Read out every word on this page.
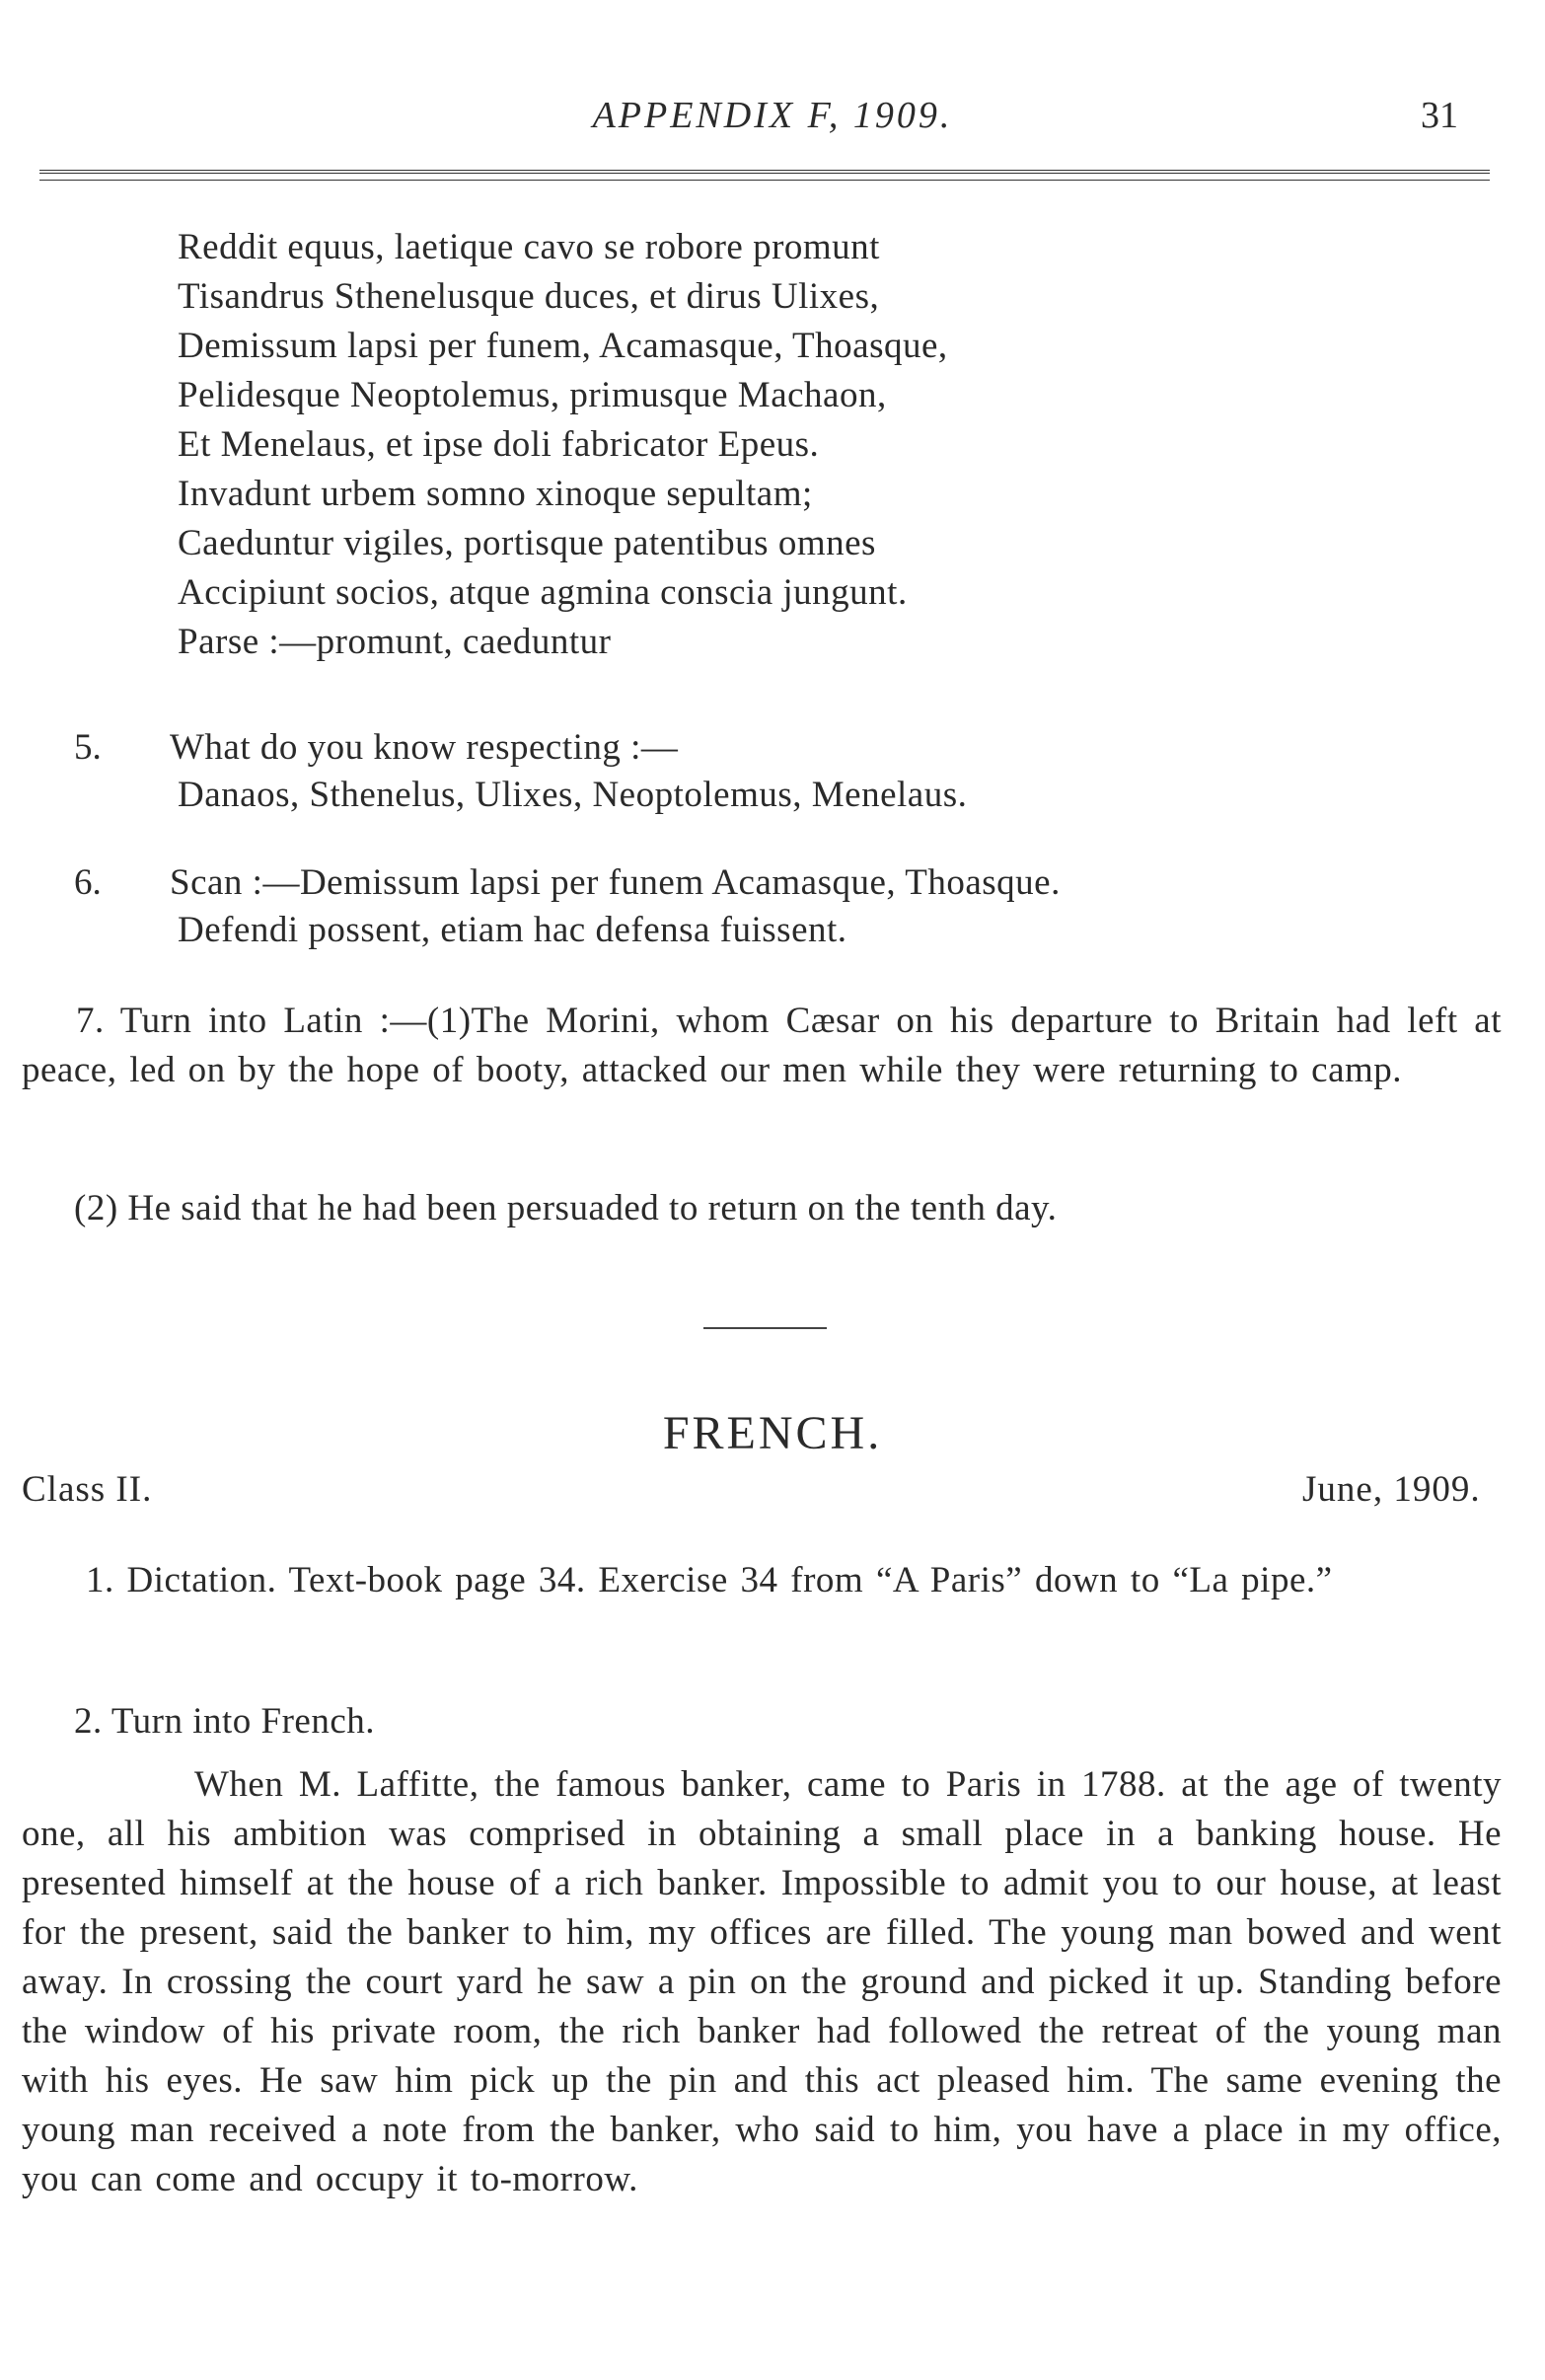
APPENDIX F, 1909.	31
Reddit equus, laetique cavo se robore promunt
Tisandrus Sthenelusque duces, et dirus Ulixes,
Demissum lapsi per funem, Acamasque, Thoasque,
Pelidesque Neoptolemus, primusque Machaon,
Et Menelaus, et ipse doli fabricator Epeus.
Invadunt urbem somno xinoque sepultam;
Caeduntur vigiles, portisque patentibus omnes
Accipiunt socios, atque agmina conscia jungunt.
Parse :—promunt, caeduntur
5. What do you know respecting :—
Danaos, Sthenelus, Ulixes, Neoptolemus, Menelaus.
6. Scan :—Demissum lapsi per funem Acamasque, Thoasque.
Defendi possent, etiam hac defensa fuissent.
7. Turn into Latin :—(1)The Morini, whom Cæsar on his departure to Britain had left at peace, led on by the hope of booty, attacked our men while they were returning to camp.
(2) He said that he had been persuaded to return on the tenth day.
FRENCH.
Class II.	June, 1909.
1. Dictation. Text-book page 34. Exercise 34 from “A Paris” down to “La pipe.”
2. Turn into French.
When M. Laffitte, the famous banker, came to Paris in 1788. at the age of twenty one, all his ambition was comprised in obtaining a small place in a banking house. He presented himself at the house of a rich banker. Impossible to admit you to our house, at least for the present, said the banker to him, my offices are filled. The young man bowed and went away. In crossing the court yard he saw a pin on the ground and picked it up. Standing before the window of his private room, the rich banker had followed the retreat of the young man with his eyes. He saw him pick up the pin and this act pleased him. The same evening the young man received a note from the banker, who said to him, you have a place in my office, you can come and occupy it to-morrow.
